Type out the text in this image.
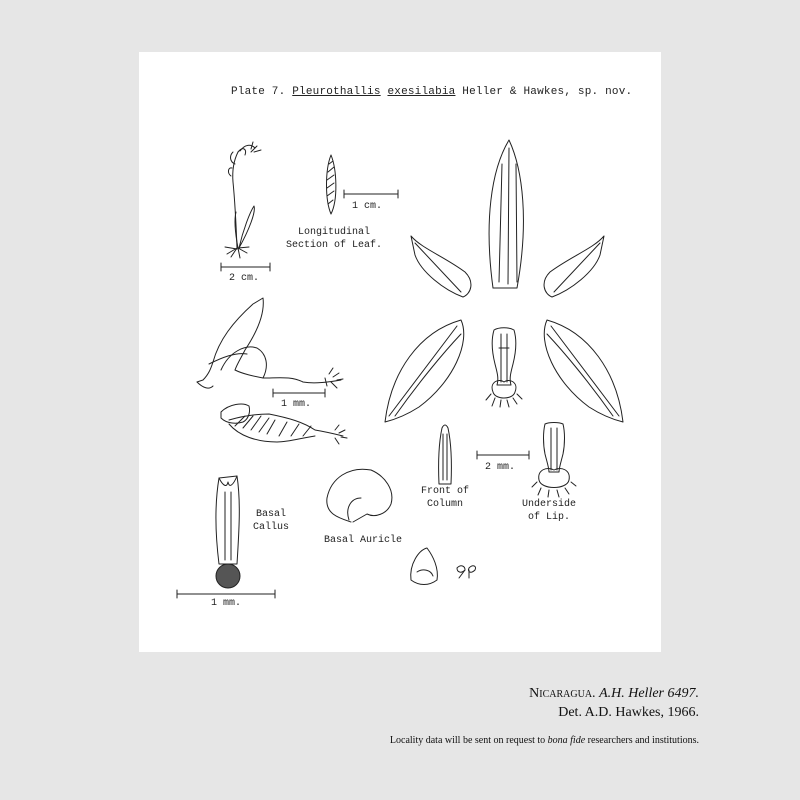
Plate 7. Pleurothallis exesilabia Heller & Hawkes, sp. nov.
1 cm.
Longitudinal
Section of Leaf.
2 cm.
1 mm.
2 mm.
Basal
Callus
Basal Auricle
Front of
Column	Underside
of Lip.
1 mm.
Nicaragua. A.H. Heller 6497.
Det. A.D. Hawkes, 1966.
Locality data will be sent on request to bona fide researchers and institutions.
